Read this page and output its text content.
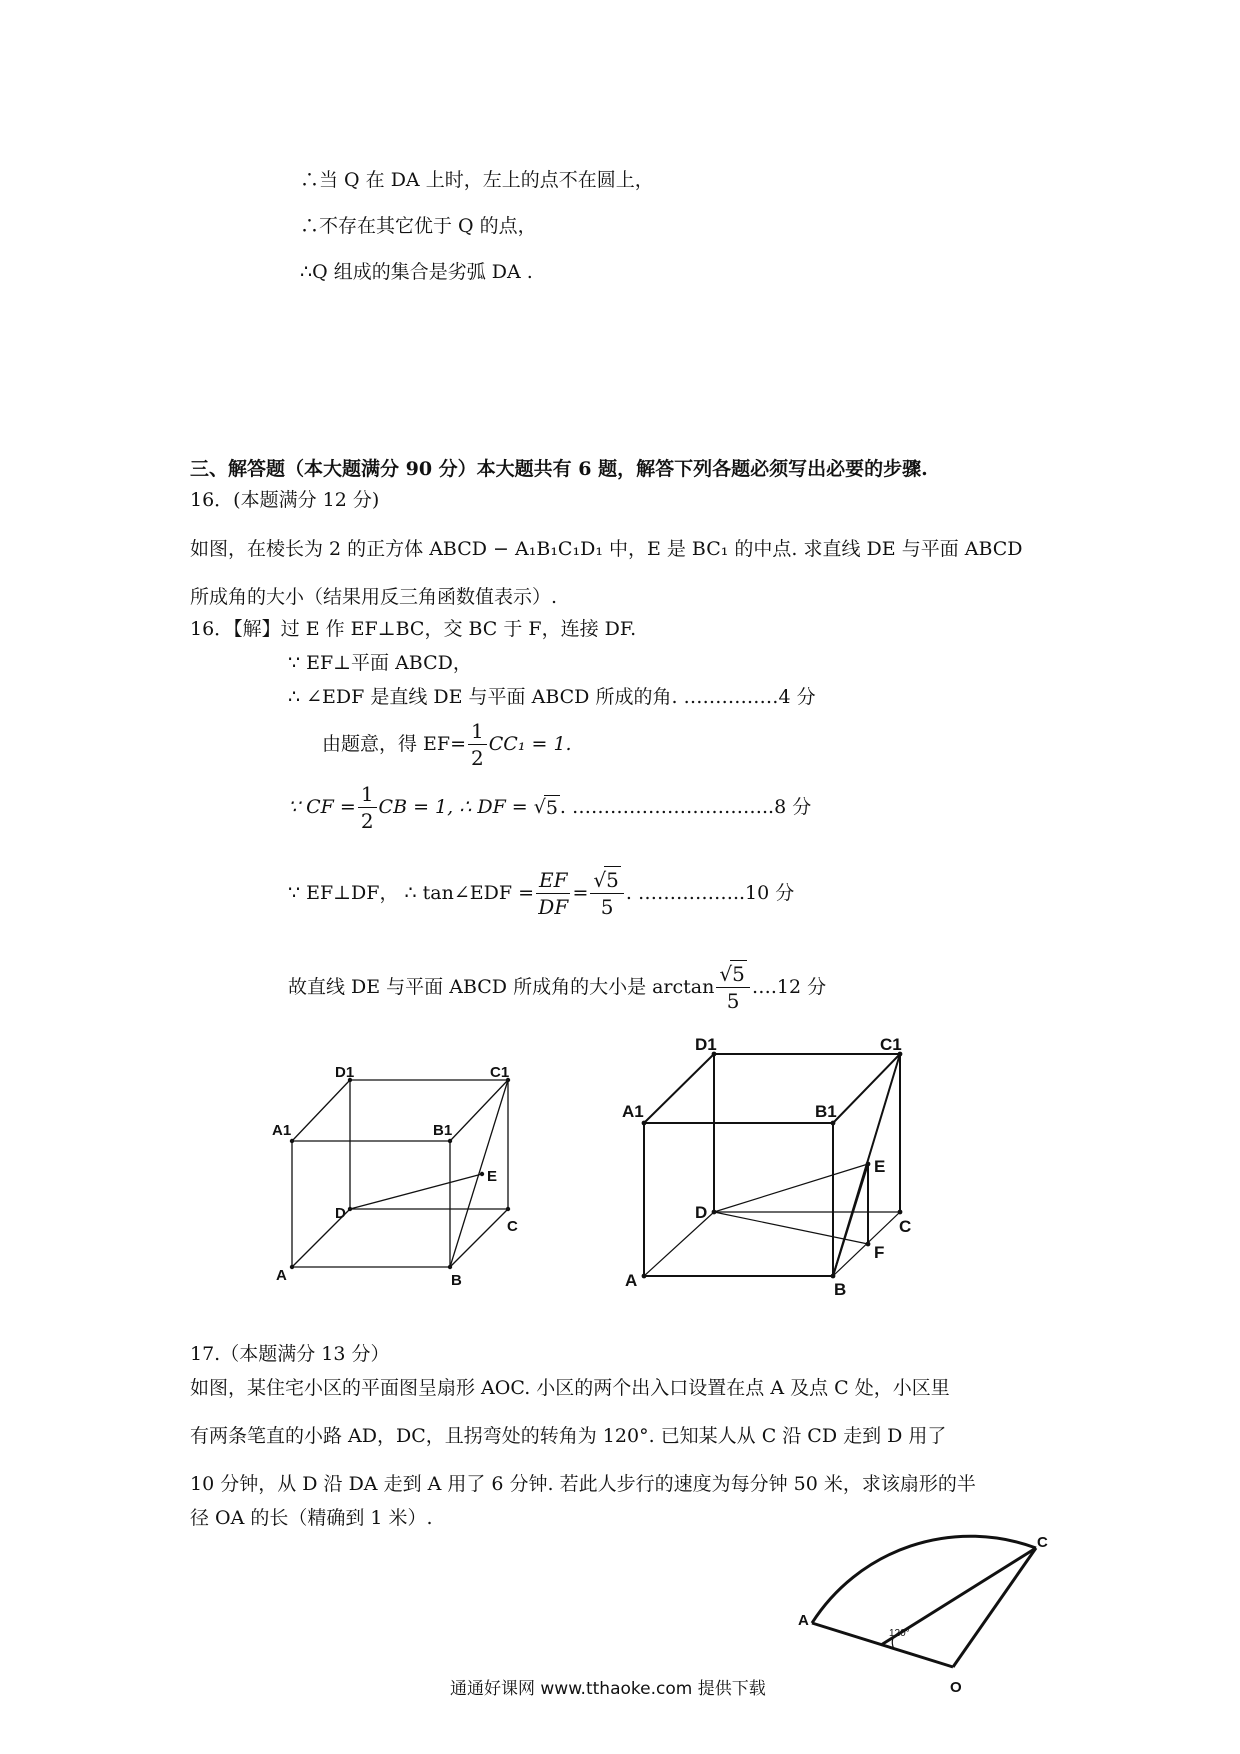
∴当 Q 在 DA 上时，左上的点不在圆上，
∴不存在其它优于 Q 的点，
∴Q 组成的集合是劣弧 DA .
三、解答题（本大题满分 90 分）本大题共有 6 题，解答下列各题必须写出必要的步骤.
16．(本题满分 12 分)
如图，在棱长为 2 的正方体 ABCD − A₁B₁C₁D₁ 中，E 是 BC₁ 的中点. 求直线 DE 与平面 ABCD
所成角的大小（结果用反三角函数值表示）.
16．【解】过 E 作 EF⊥BC，交 BC 于 F，连接 DF.
∵ EF⊥平面 ABCD，
∴ ∠EDF 是直线 DE 与平面 ABCD 所成的角. ……………4 分
由题意，得 $EF= \frac{1}{2} CC_1 = 1$.
∵ CF = $\frac{1}{2}$ CB = 1, ∴ DF = √ 5 . …………………………..8 分
∵ EF⊥DF， ∴ tan∠EDF = $\frac{EF}{DF} = \frac{√5}{5}$ . ……………..10 分
故直线 DE 与平面 ABCD 所成角的大小是 $\arctan \frac{√5}{5}$ ….12 分
D1	C1
A1	B1
E
D
C
A	B
D1	C1
A1	B1
E
D
C
F
A	B
17.（本题满分 13 分）
如图，某住宅小区的平面图呈扇形 AOC. 小区的两个出入口设置在点 A 及点 C 处，小区里
有两条笔直的小路 AD，DC，且拐弯处的转角为 120°. 已知某人从 C 沿 CD 走到 D 用了
10 分钟，从 D 沿 DA 走到 A 用了 6 分钟. 若此人步行的速度为每分钟 50 米，求该扇形的半
径 OA 的长（精确到 1 米）.
A
C
O
120°
通通好课网 www.tthaoke.com 提供下载
